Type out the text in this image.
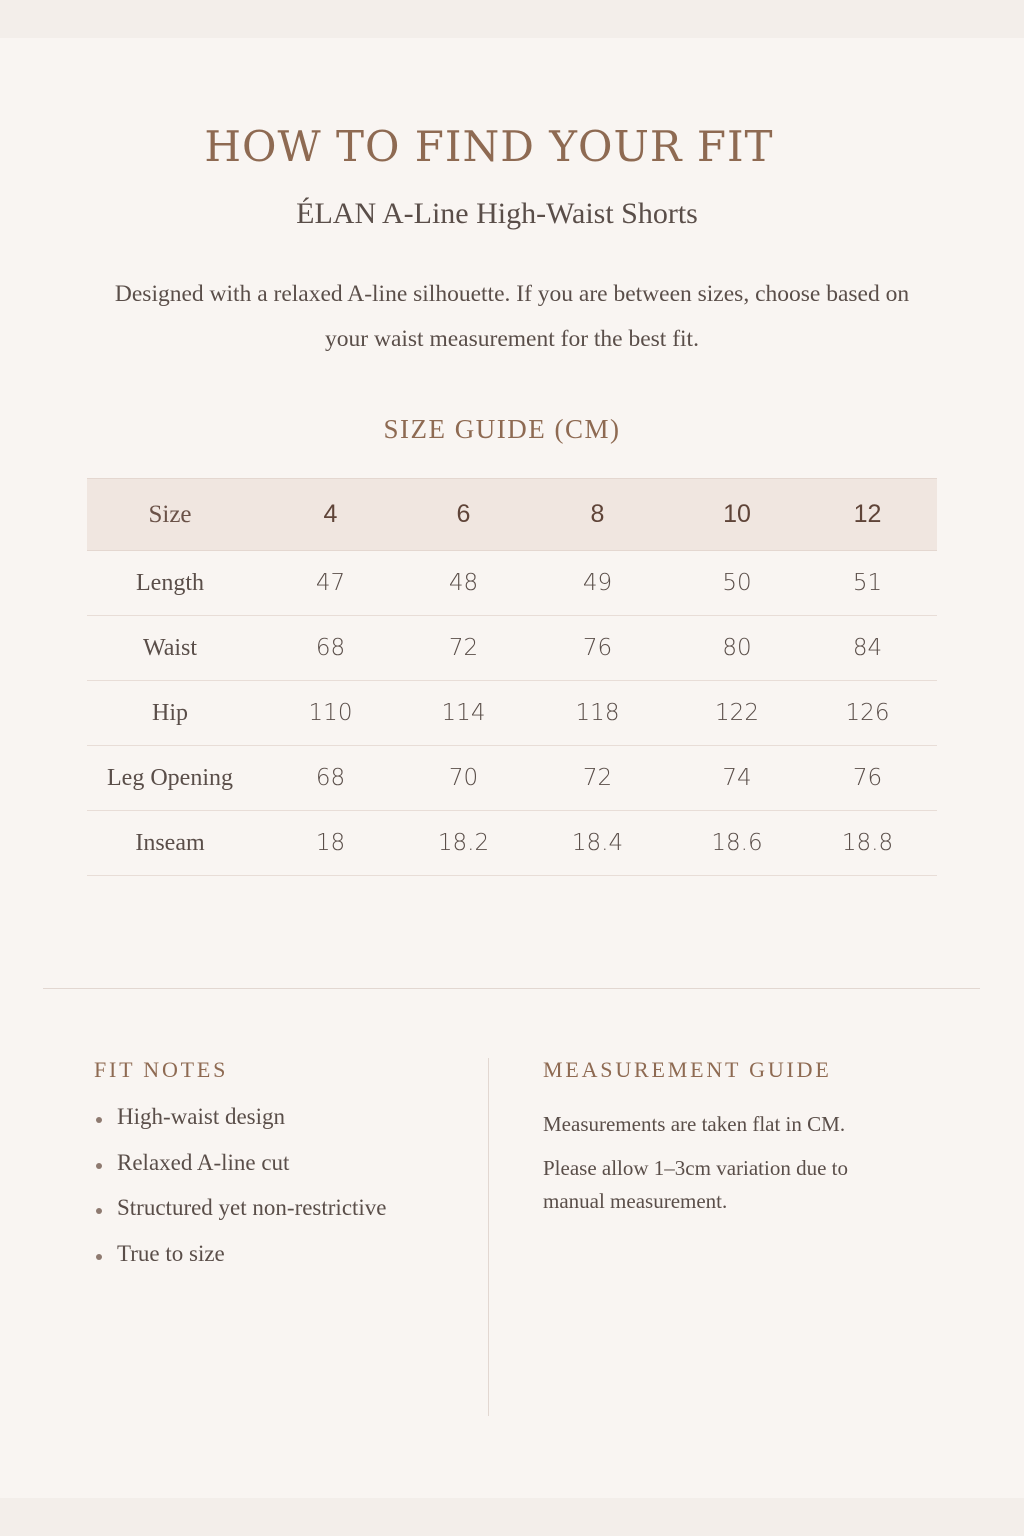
HOW TO FIND YOUR FIT
ÉLAN A-Line High-Waist Shorts
Designed with a relaxed A-line silhouette. If you are between sizes, choose based on your waist measurement for the best fit.
SIZE GUIDE (CM)
Size	4	6	8	10	12
Length	47	48	49	50	51
Waist	68	72	76	80	84
Hip	110	114	118	122	126
Leg Opening	68	70	72	74	76
Inseam	18	18.2	18.4	18.6	18.8
FIT NOTES
High-waist design
Relaxed A-line cut
Structured yet non-restrictive
True to size
MEASUREMENT GUIDE
Measurements are taken flat in CM.
Please allow 1–3cm variation due to manual measurement.
